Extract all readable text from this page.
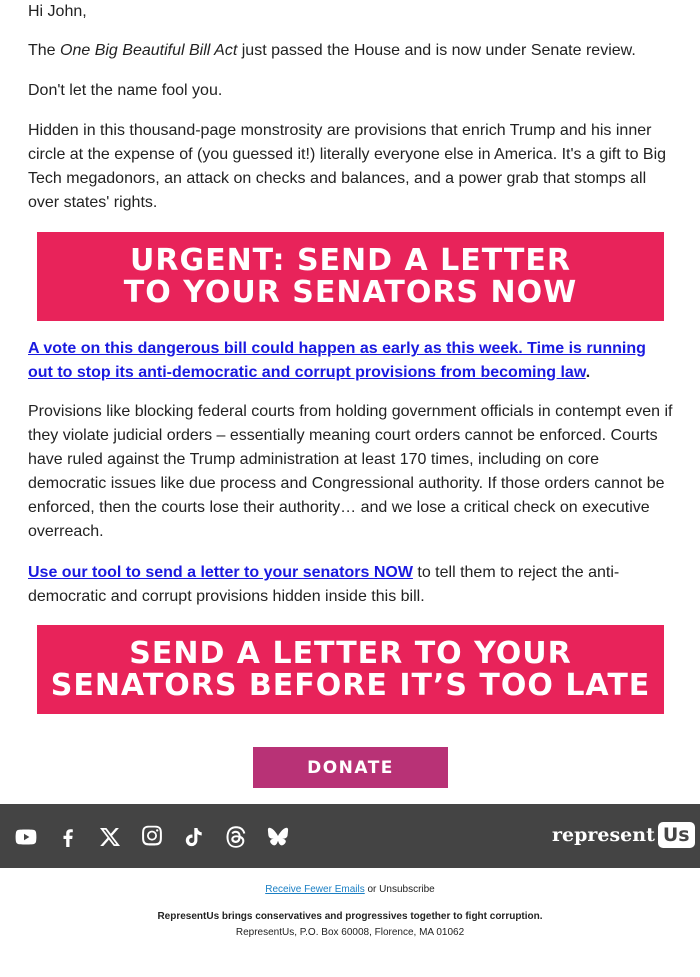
Hi John,

The One Big Beautiful Bill Act just passed the House and is now under Senate review.

Don't let the name fool you.

Hidden in this thousand-page monstrosity are provisions that enrich Trump and his inner circle at the expense of (you guessed it!) literally everyone else in America. It's a gift to Big Tech megadonors, an attack on checks and balances, and a power grab that stomps all over states' rights.

A vote on this dangerous bill could happen as early as this week. Time is running out to stop its anti-democratic and corrupt provisions from becoming law.

Provisions like blocking federal courts from holding government officials in contempt even if they violate judicial orders – essentially meaning court orders cannot be enforced. Courts have ruled against the Trump administration at least 170 times, including on core democratic issues like due process and Congressional authority. If those orders cannot be enforced, then the courts lose their authority… and we lose a critical check on executive overreach.

Use our tool to send a letter to your senators NOW to tell them to reject the anti-democratic and corrupt provisions hidden inside this bill.

URGENT: SEND A LETTER
TO YOUR SENATORS NOW
SEND A LETTER TO YOUR
SENATORS BEFORE IT’S TOO LATE
DONATE
represent Us
Receive Fewer Emails or Unsubscribe
RepresentUs brings conservatives and progressives together to fight corruption.
RepresentUs, P.O. Box 60008, Florence, MA 01062
